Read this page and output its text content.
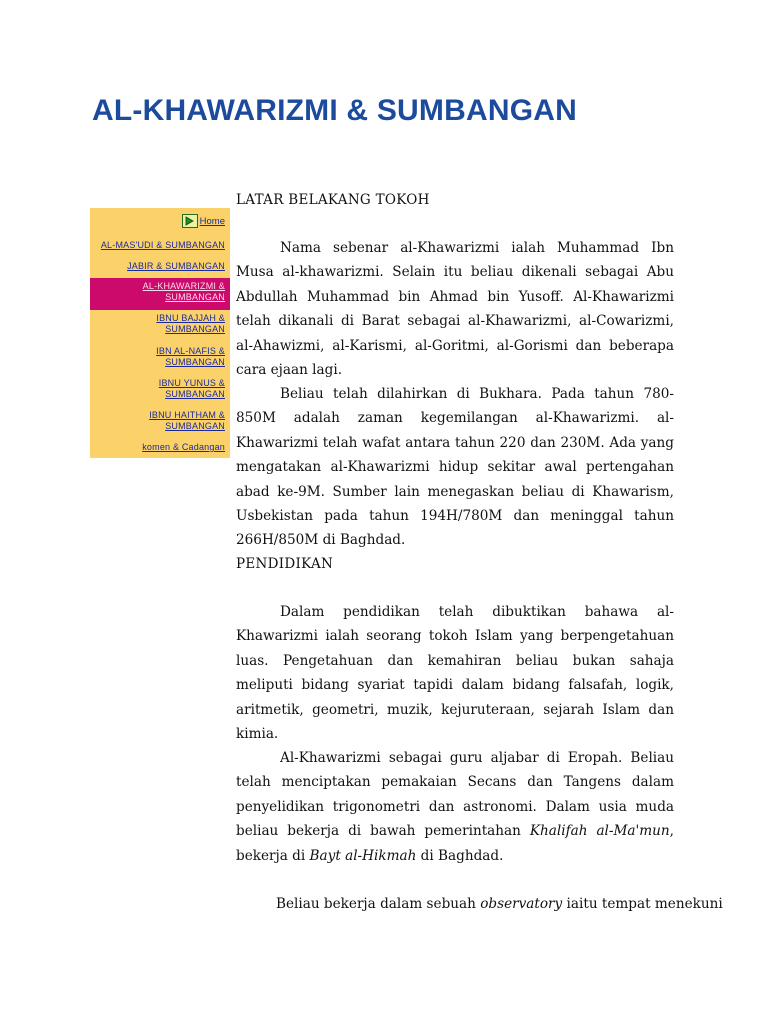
AL-KHAWARIZMI & SUMBANGAN
Home
AL-MAS'UDI & SUMBANGAN
JABIR & SUMBANGAN
AL-KHAWARIZMI &
SUMBANGAN
IBNU BAJJAH &
SUMBANGAN
IBN AL-NAFIS &
SUMBANGAN
IBNU YUNUS &
SUMBANGAN
IBNU HAITHAM &
SUMBANGAN
komen & Cadangan
LATAR BELAKANG TOKOH

Nama sebenar al-Khawarizmi ialah Muhammad Ibn Musa al-khawarizmi. Selain itu beliau dikenali sebagai Abu Abdullah Muhammad bin Ahmad bin Yusoff. Al-Khawarizmi telah dikanali di Barat sebagai al-Khawarizmi, al-Cowarizmi, al-Ahawizmi, al-Karismi, al-Goritmi, al-Gorismi dan beberapa cara ejaan lagi.

Beliau telah dilahirkan di Bukhara. Pada tahun 780-850M adalah zaman kegemilangan al-Khawarizmi. al-Khawarizmi telah wafat antara tahun 220 dan 230M. Ada yang mengatakan al-Khawarizmi hidup sekitar awal pertengahan abad ke-9M. Sumber lain menegaskan beliau di Khawarism, Usbekistan pada tahun 194H/780M dan meninggal tahun 266H/850M di Baghdad.

PENDIDIKAN

Dalam pendidikan telah dibuktikan bahawa al-Khawarizmi ialah seorang tokoh Islam yang berpengetahuan luas. Pengetahuan dan kemahiran beliau bukan sahaja meliputi bidang syariat tapidi dalam bidang falsafah, logik, aritmetik, geometri, muzik, kejuruteraan, sejarah Islam dan kimia.

Al-Khawarizmi sebagai guru aljabar di Eropah. Beliau telah menciptakan pemakaian Secans dan Tangens dalam penyelidikan trigonometri dan astronomi. Dalam usia muda beliau bekerja di bawah pemerintahan Khalifah al-Ma'mun, bekerja di Bayt al-Hikmah di Baghdad.

Beliau bekerja dalam sebuah observatory iaitu tempat menekuni
